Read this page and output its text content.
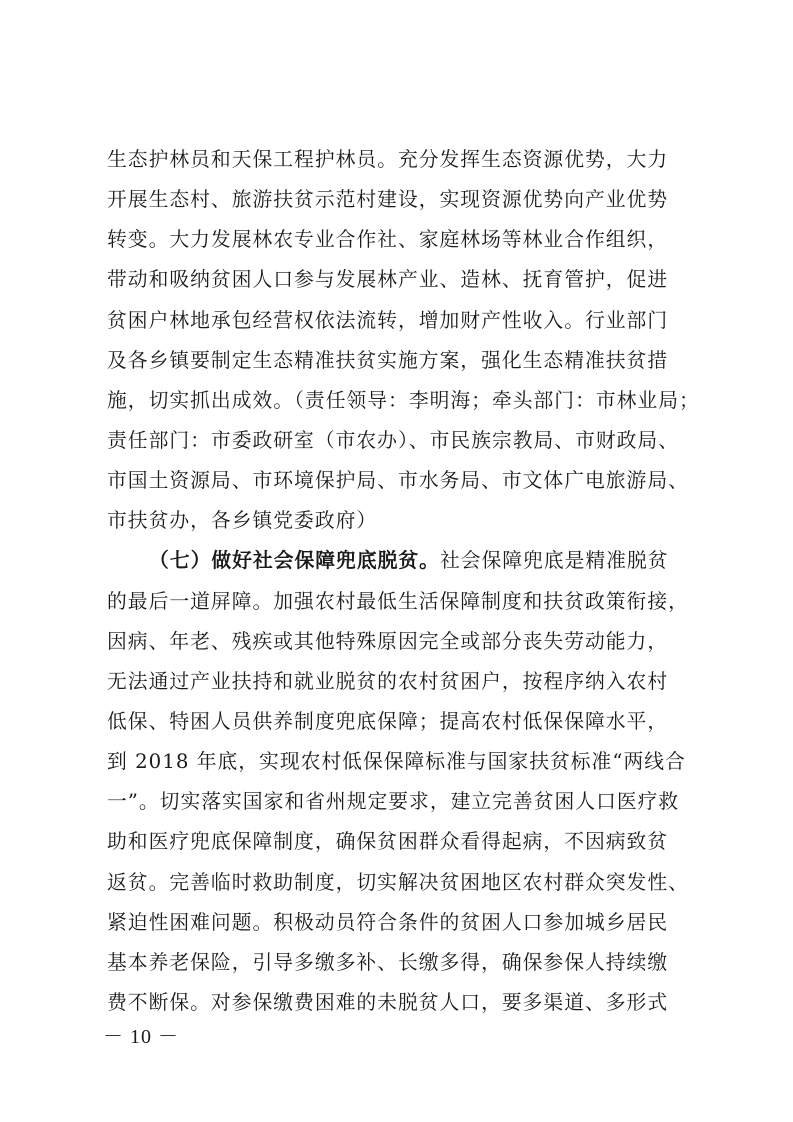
生态护林员和天保工程护林员。充分发挥生态资源优势，大力
开展生态村、旅游扶贫示范村建设，实现资源优势向产业优势
转变。大力发展林农专业合作社、家庭林场等林业合作组织，
带动和吸纳贫困人口参与发展林产业、造林、抚育管护，促进
贫困户林地承包经营权依法流转，增加财产性收入。行业部门
及各乡镇要制定生态精准扶贫实施方案，强化生态精准扶贫措
施，切实抓出成效。（责任领导：李明海；牵头部门：市林业局；
责任部门：市委政研室（市农办）、市民族宗教局、市财政局、
市国土资源局、市环境保护局、市水务局、市文体广电旅游局、
市扶贫办，各乡镇党委政府）
（七）做好社会保障兜底脱贫。社会保障兜底是精准脱贫
的最后一道屏障。加强农村最低生活保障制度和扶贫政策衔接，
因病、年老、残疾或其他特殊原因完全或部分丧失劳动能力，
无法通过产业扶持和就业脱贫的农村贫困户，按程序纳入农村
低保、特困人员供养制度兜底保障；提高农村低保保障水平，
到 2018 年底，实现农村低保保障标准与国家扶贫标准“两线合
一”。切实落实国家和省州规定要求，建立完善贫困人口医疗救
助和医疗兜底保障制度，确保贫困群众看得起病，不因病致贫
返贫。完善临时救助制度，切实解决贫困地区农村群众突发性、
紧迫性困难问题。积极动员符合条件的贫困人口参加城乡居民
基本养老保险，引导多缴多补、长缴多得，确保参保人持续缴
费不断保。对参保缴费困难的未脱贫人口，要多渠道、多形式
－ 10 －
